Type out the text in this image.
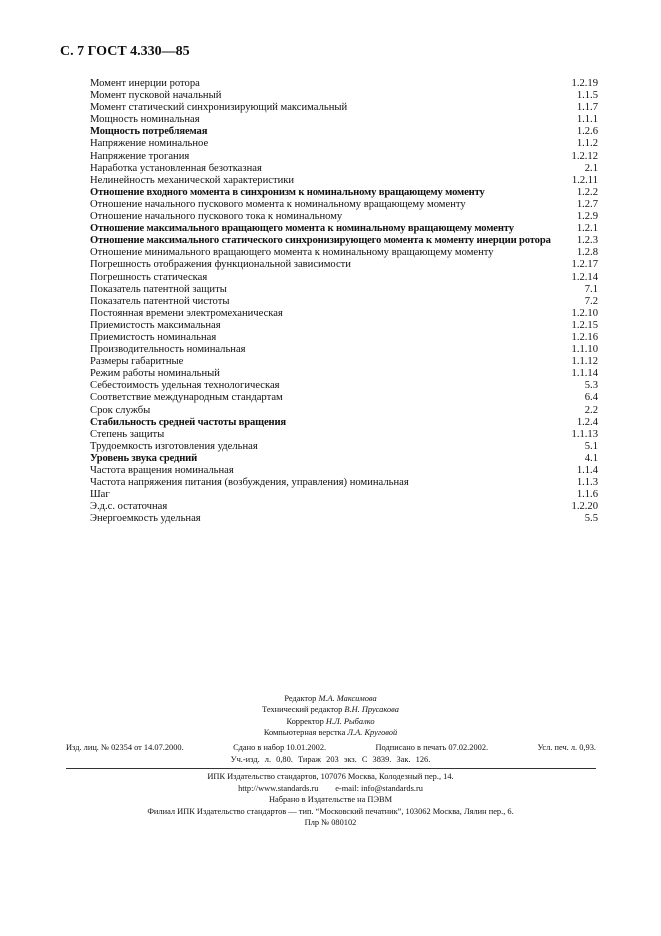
С. 7 ГОСТ 4.330—85
Момент инерции ротора	1.2.19
Момент пусковой начальный	1.1.5
Момент статический синхронизирующий максимальный	1.1.7
Мощность номинальная	1.1.1
Мощность потребляемая	1.2.6
Напряжение номинальное	1.1.2
Напряжение трогания	1.2.12
Наработка установленная безотказная	2.1
Нелинейность механической характеристики	1.2.11
Отношение входного момента в синхронизм к номинальному вращающему моменту	1.2.2
Отношение начального пускового момента к номинальному вращающему моменту	1.2.7
Отношение начального пускового тока к номинальному	1.2.9
Отношение максимального вращающего момента к номинальному вращающему моменту	1.2.1
Отношение максимального статического синхронизирующего момента к моменту инерции ротора 1.2.3
Отношение минимального вращающего момента к номинальному вращающему моменту	1.2.8
Погрешность отображения функциональной зависимости	1.2.17
Погрешность статическая	1.2.14
Показатель патентной защиты	7.1
Показатель патентной чистоты	7.2
Постоянная времени электромеханическая	1.2.10
Приемистость максимальная	1.2.15
Приемистость номинальная	1.2.16
Производительность номинальная	1.1.10
Размеры габаритные	1.1.12
Режим работы номинальный	1.1.14
Себестоимость удельная технологическая	5.3
Соответствие международным стандартам	6.4
Срок службы	2.2
Стабильность средней частоты вращения	1.2.4
Степень защиты	1.1.13
Трудоемкость изготовления удельная	5.1
Уровень звука средний	4.1
Частота вращения номинальная	1.1.4
Частота напряжения питания (возбуждения, управления) номинальная	1.1.3
Шаг	1.1.6
Э.д.с. остаточная	1.2.20
Энергоемкость удельная	5.5
Редактор М.А. Максимова
Технический редактор В.Н. Прусакова
Корректор Н.Л. Рыбалко
Компьютерная верстка Л.А. Круговой
Изд. лиц. № 02354 от 14.07.2000.	Сдано в набор 10.01.2002.	Подписано в печать 07.02.2002.	Усл. печ. л. 0,93.
Уч.-изд. л. 0,80. Тираж 203 экз. С 3839. Зак. 126.
ИПК Издательство стандартов, 107076 Москва, Колодезный пер., 14.
http://www.standards.ru e-mail: info@standards.ru
Набрано в Издательстве на ПЭВМ
Филиал ИПК Издательство стандартов — тип. “Московский печатник”, 103062 Москва, Лялин пер., 6.
Плр № 080102
